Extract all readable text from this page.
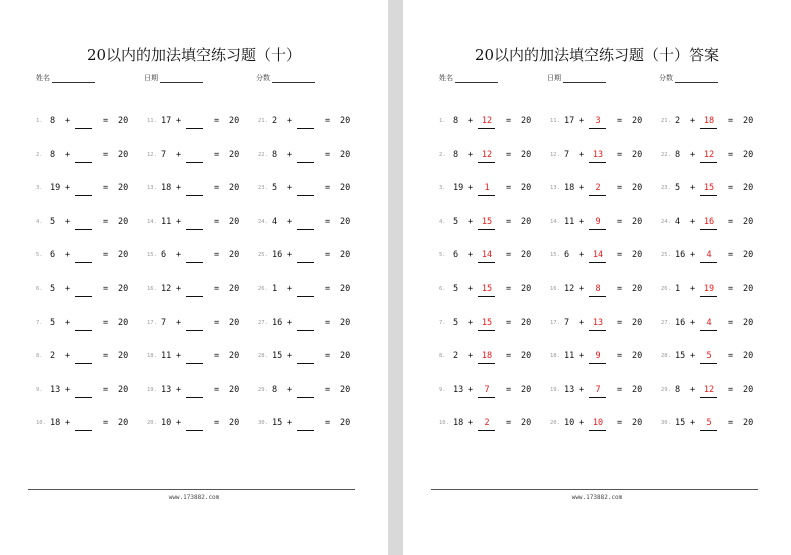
20以内的加法填空练习题（十）
姓名	日期	分数
1. 8 +	= 20
2. 8 +	= 20
3. 19 +	= 20
4. 5 +	= 20
5. 6 +	= 20
6. 5 +	= 20
7. 5 +	= 20
8. 2 +	= 20
9. 13 +	= 20
10. 18 +	= 20
11. 17 +	= 20
12. 7 +	= 20
13. 18 +	= 20
14. 11 +	= 20
15. 6 +	= 20
16. 12 +	= 20
17. 7 +	= 20
18. 11 +	= 20
19. 13 +	= 20
20. 10 +	= 20
21. 2 +	= 20
22. 8 +	= 20
23. 5 +	= 20
24. 4 +	= 20
25. 16 +	= 20
26. 1 +	= 20
27. 16 +	= 20
28. 15 +	= 20
29. 8 +	= 20
30. 15 +	= 20
www.173882.com
20以内的加法填空练习题（十）答案
姓名	日期	分数
1. 8 +	12	= 20
2. 8 +	12	= 20
3. 19 +	1	= 20
4. 5 +	15	= 20
5. 6 +	14	= 20
6. 5 +	15	= 20
7. 5 +	15	= 20
8. 2 +	18	= 20
9. 13 +	7	= 20
10. 18 +	2	= 20
11. 17 +	3	= 20
12. 7 +	13	= 20
13. 18 +	2	= 20
14. 11 +	9	= 20
15. 6 +	14	= 20
16. 12 +	8	= 20
17. 7 +	13	= 20
18. 11 +	9	= 20
19. 13 +	7	= 20
20. 10 +	10	= 20
21. 2 +	18	= 20
22. 8 +	12	= 20
23. 5 +	15	= 20
24. 4 +	16	= 20
25. 16 +	4	= 20
26. 1 +	19	= 20
27. 16 +	4	= 20
28. 15 +	5	= 20
29. 8 +	12	= 20
30. 15 +	5	= 20
www.173882.com
